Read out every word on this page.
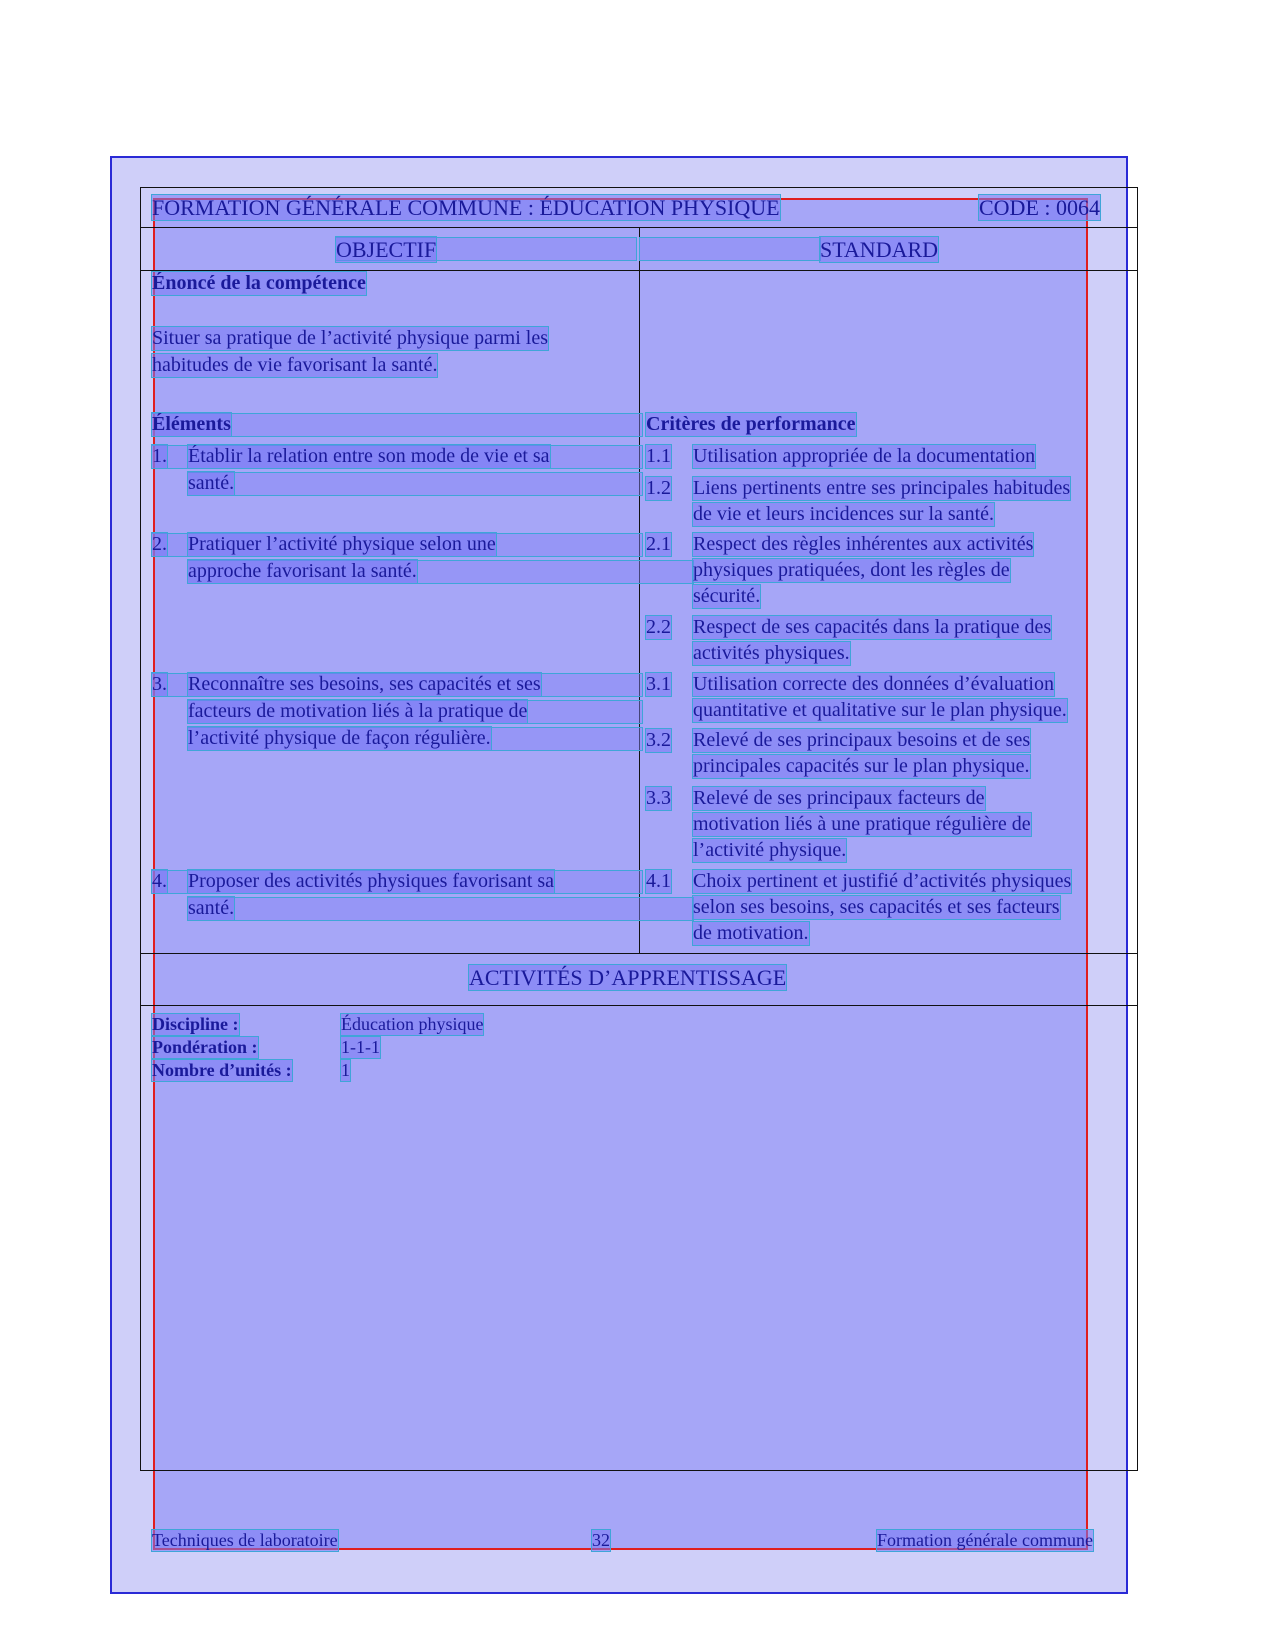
FORMATION GÉNÉRALE COMMUNE : ÉDUCATION PHYSIQUE	CODE : 0064
OBJECTIF	STANDARD
Énoncé de la compétence
Situer sa pratique de l’activité physique parmi les
habitudes de vie favorisant la santé.
Éléments	Critères de performance
1. Établir la relation entre son mode de vie et sa
santé.
1.1 Utilisation appropriée de la documentation
1.2 Liens pertinents entre ses principales habitudes
de vie et leurs incidences sur la santé.
2. Pratiquer l’activité physique selon une
approche favorisant la santé.
2.1 Respect des règles inhérentes aux activités
physiques pratiquées, dont les règles de
sécurité.
2.2 Respect de ses capacités dans la pratique des
activités physiques.
3. Reconnaître ses besoins, ses capacités et ses
facteurs de motivation liés à la pratique de
l’activité physique de façon régulière.
3.1 Utilisation correcte des données d’évaluation
quantitative et qualitative sur le plan physique.
3.2 Relevé de ses principaux besoins et de ses
principales capacités sur le plan physique.
3.3 Relevé de ses principaux facteurs de
motivation liés à une pratique régulière de
l’activité physique.
4. Proposer des activités physiques favorisant sa
santé.
4.1 Choix pertinent et justifié d’activités physiques
selon ses besoins, ses capacités et ses facteurs
de motivation.
ACTIVITÉS D’APPRENTISSAGE
Discipline :	Éducation physique
Pondération :	1-1-1
Nombre d’unités :	1
Techniques de laboratoire	32	Formation générale commune
